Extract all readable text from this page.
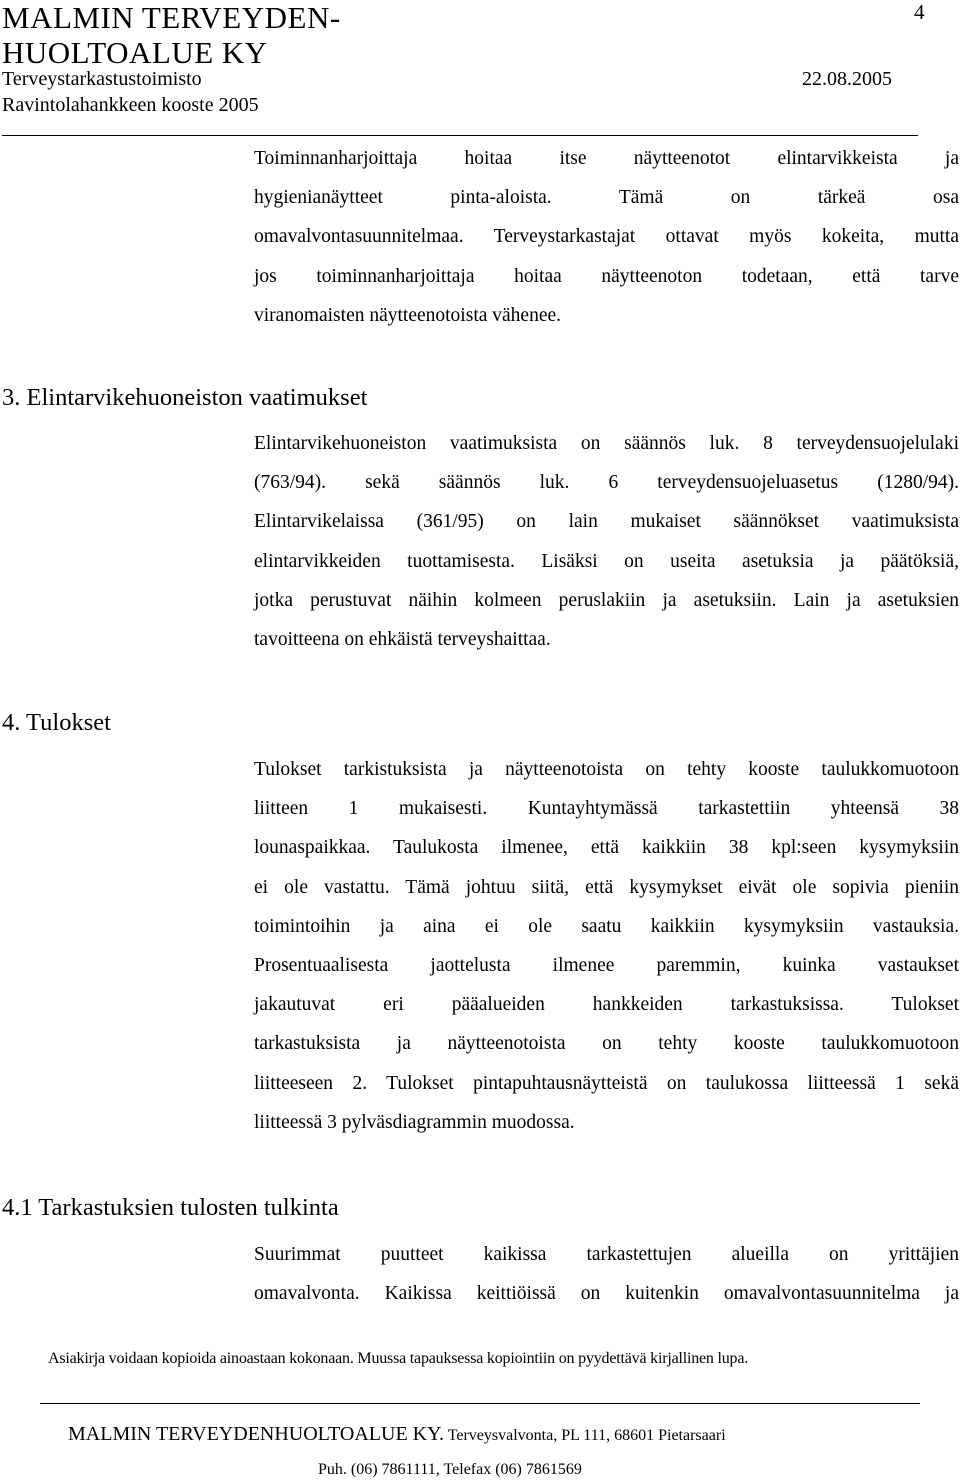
MALMIN TERVEYDEN-
HUOLTOALUE KY
4
Terveystarkastustoimisto
Ravintolahankkeen kooste 2005
22.08.2005
Toiminnanharjoittaja hoitaa itse näytteenotot elintarvikkeista ja
hygienianäytteet pinta-aloista. Tämä on tärkeä osa
omavalvontasuunnitelmaa. Terveystarkastajat ottavat myös kokeita, mutta
jos toiminnanharjoittaja hoitaa näytteenoton todetaan, että tarve
viranomaisten näytteenotoista vähenee.
3. Elintarvikehuoneiston vaatimukset
Elintarvikehuoneiston vaatimuksista on säännös luk. 8 terveydensuojelulaki
(763/94). sekä säännös luk. 6 terveydensuojeluasetus (1280/94).
Elintarvikelaissa (361/95) on lain mukaiset säännökset vaatimuksista
elintarvikkeiden tuottamisesta. Lisäksi on useita asetuksia ja päätöksiä,
jotka perustuvat näihin kolmeen peruslakiin ja asetuksiin. Lain ja asetuksien
tavoitteena on ehkäistä terveyshaittaa.
4. Tulokset
Tulokset tarkistuksista ja näytteenotoista on tehty kooste taulukkomuotoon
liitteen 1 mukaisesti. Kuntayhtymässä tarkastettiin yhteensä 38
lounaspaikkaa. Taulukosta ilmenee, että kaikkiin 38 kpl:seen kysymyksiin
ei ole vastattu. Tämä johtuu siitä, että kysymykset eivät ole sopivia pieniin
toimintoihin ja aina ei ole saatu kaikkiin kysymyksiin vastauksia.
Prosentuaalisesta jaottelusta ilmenee paremmin, kuinka vastaukset
jakautuvat eri pääalueiden hankkeiden tarkastuksissa. Tulokset
tarkastuksista ja näytteenotoista on tehty kooste taulukkomuotoon
liitteeseen 2. Tulokset pintapuhtausnäytteistä on taulukossa liitteessä 1 sekä
liitteessä 3 pylväsdiagrammin muodossa.
4.1 Tarkastuksien tulosten tulkinta
Suurimmat puutteet kaikissa tarkastettujen alueilla on yrittäjien
omavalvonta. Kaikissa keittiöissä on kuitenkin omavalvontasuunnitelma ja
Asiakirja voidaan kopioida ainoastaan kokonaan. Muussa tapauksessa kopiointiin on pyydettävä kirjallinen lupa.
MALMIN TERVEYDENHUOLTOALUE KY. Terveysvalvonta, PL 111, 68601 Pietarsaari
Puh. (06) 7861111, Telefax (06) 7861569
